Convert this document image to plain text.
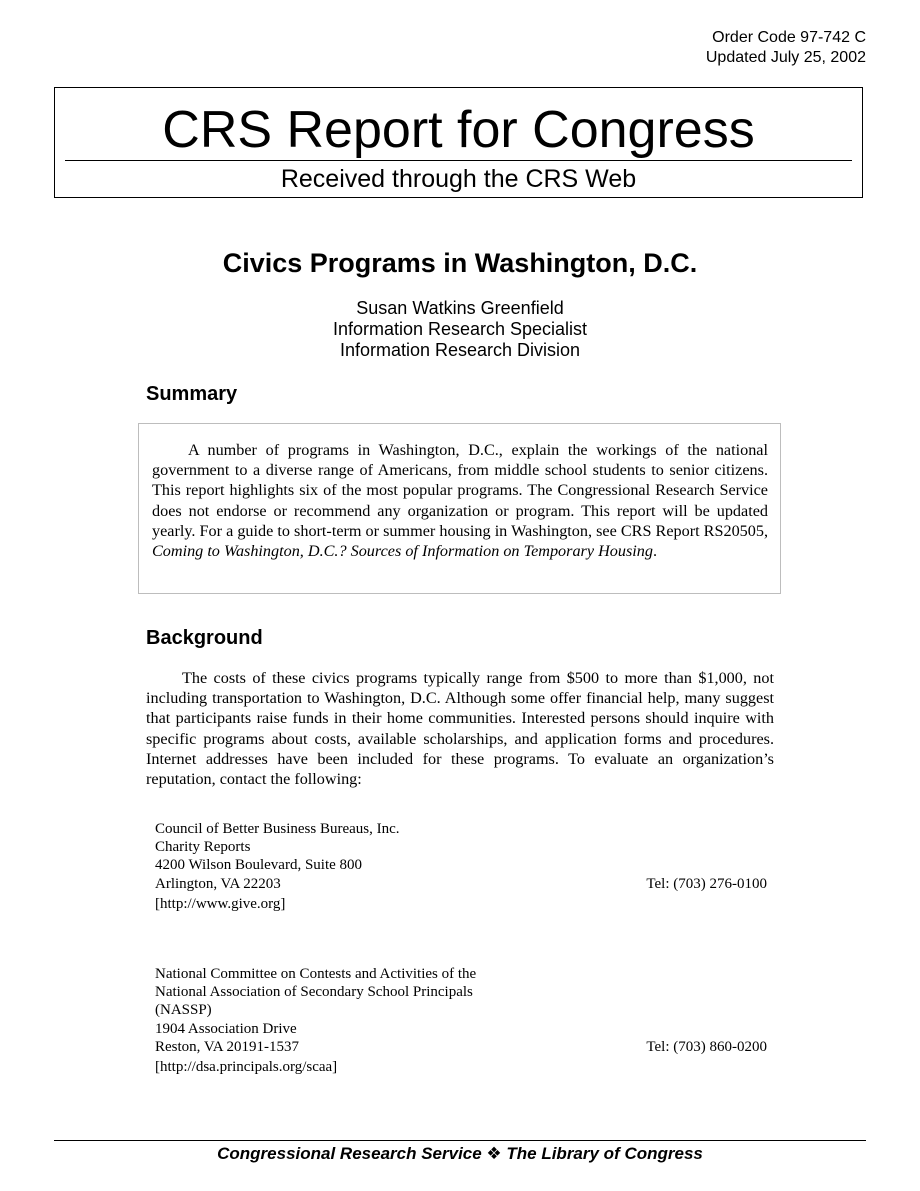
Order Code 97-742 C
Updated July 25, 2002
CRS Report for Congress
Received through the CRS Web
Civics Programs in Washington, D.C.
Susan Watkins Greenfield
Information Research Specialist
Information Research Division
Summary

A number of programs in Washington, D.C., explain the workings of the national government to a diverse range of Americans, from middle school students to senior citizens. This report highlights six of the most popular programs. The Congressional Research Service does not endorse or recommend any organization or program. This report will be updated yearly. For a guide to short-term or summer housing in Washington, see CRS Report RS20505, Coming to Washington, D.C.? Sources of Information on Temporary Housing.

Background

The costs of these civics programs typically range from $500 to more than $1,000, not including transportation to Washington, D.C. Although some offer financial help, many suggest that participants raise funds in their home communities. Interested persons should inquire with specific programs about costs, available scholarships, and application forms and procedures. Internet addresses have been included for these programs. To evaluate an organization’s reputation, contact the following:

Council of Better Business Bureaus, Inc.
Charity Reports
4200 Wilson Boulevard, Suite 800
Arlington, VA 22203	Tel: (703) 276-0100
[http://www.give.org]
National Committee on Contests and Activities of the
National Association of Secondary School Principals
(NASSP)
1904 Association Drive
Reston, VA 20191-1537	Tel: (703) 860-0200
[http://dsa.principals.org/scaa]
Congressional Research Service ❖ The Library of Congress
